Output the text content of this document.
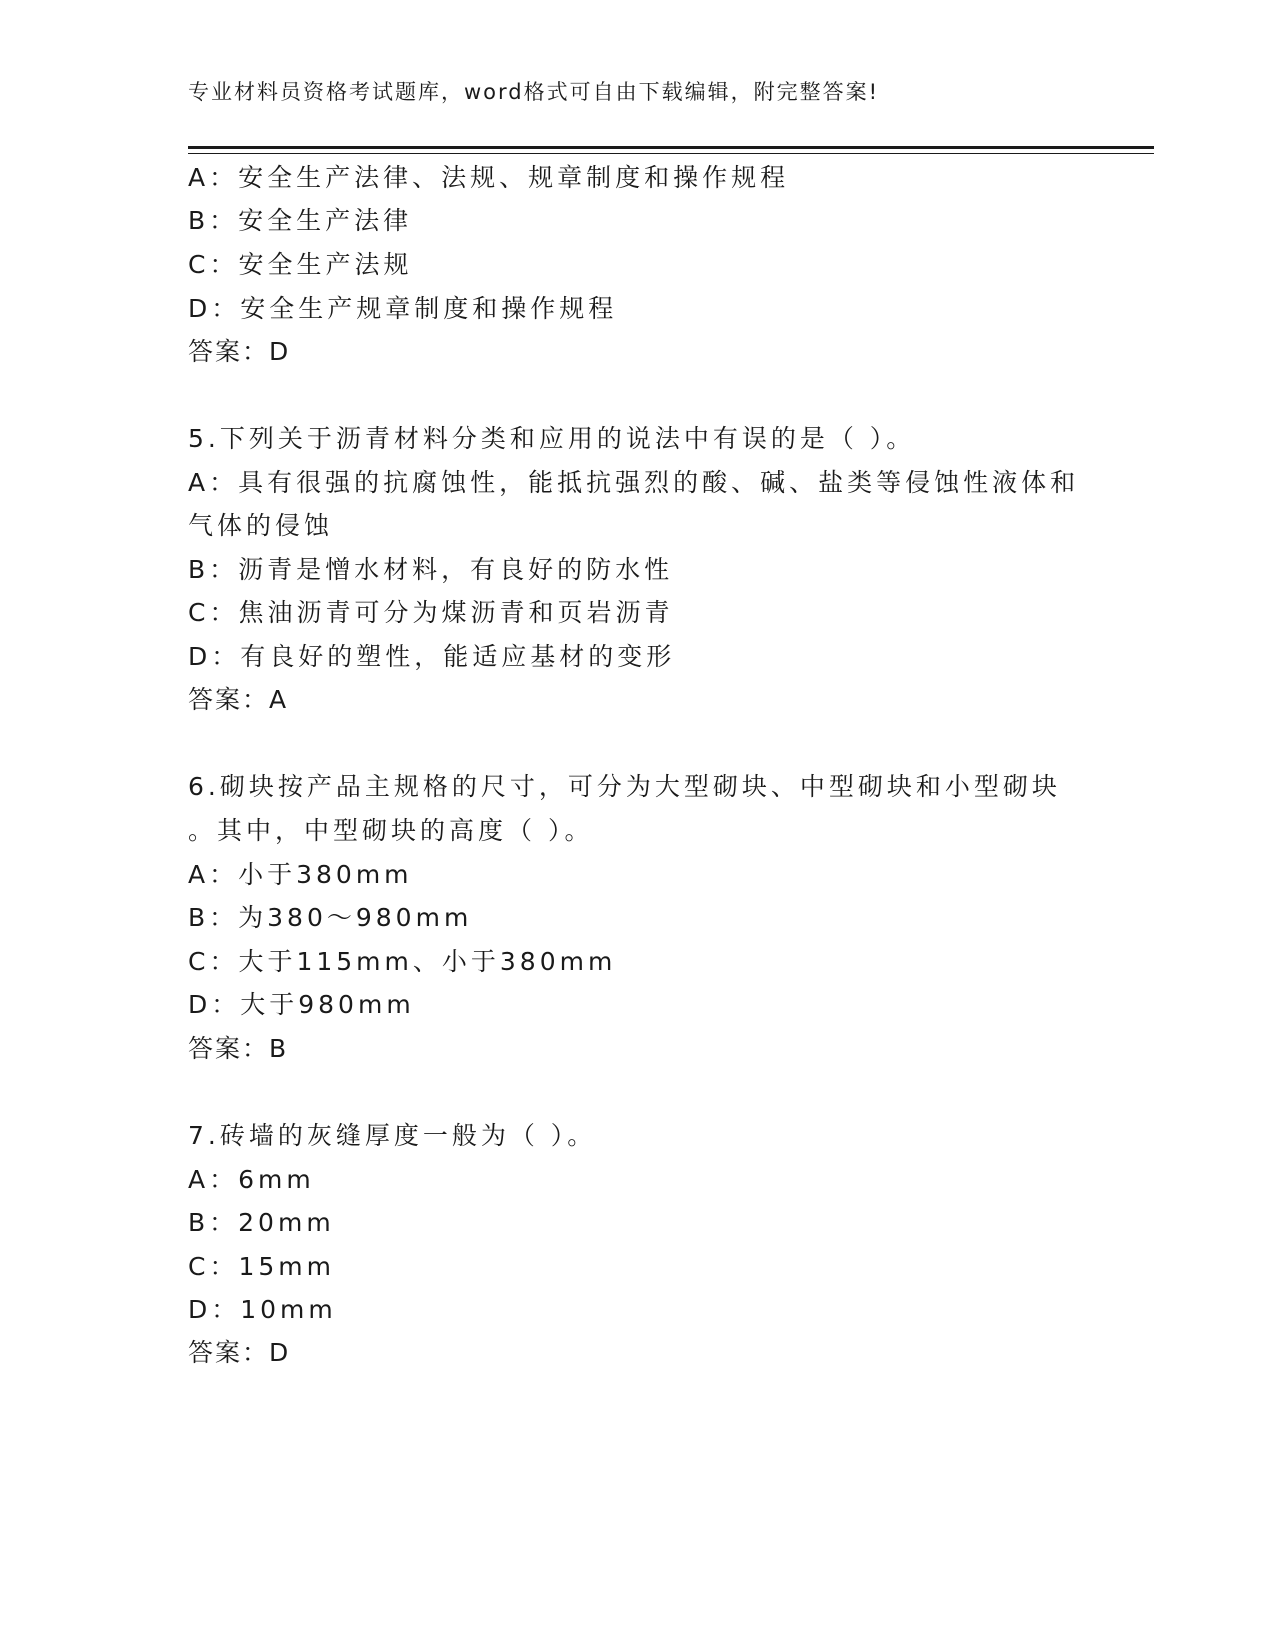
专业材料员资格考试题库，word格式可自由下载编辑，附完整答案!
A：安全生产法律、法规、规章制度和操作规程
B：安全生产法律
C：安全生产法规
D：安全生产规章制度和操作规程
答案：D
5.下列关于沥青材料分类和应用的说法中有误的是（ ）。
A：具有很强的抗腐蚀性，能抵抗强烈的酸、碱、盐类等侵蚀性液体和
气体的侵蚀
B：沥青是憎水材料，有良好的防水性
C：焦油沥青可分为煤沥青和页岩沥青
D：有良好的塑性，能适应基材的变形
答案：A
6.砌块按产品主规格的尺寸，可分为大型砌块、中型砌块和小型砌块
。其中，中型砌块的高度（ ）。
A：小于380mm
B：为380～980mm
C：大于115mm、小于380mm
D：大于980mm
答案：B
7.砖墙的灰缝厚度一般为（ ）。
A：6mm
B：20mm
C：15mm
D：10mm
答案：D
